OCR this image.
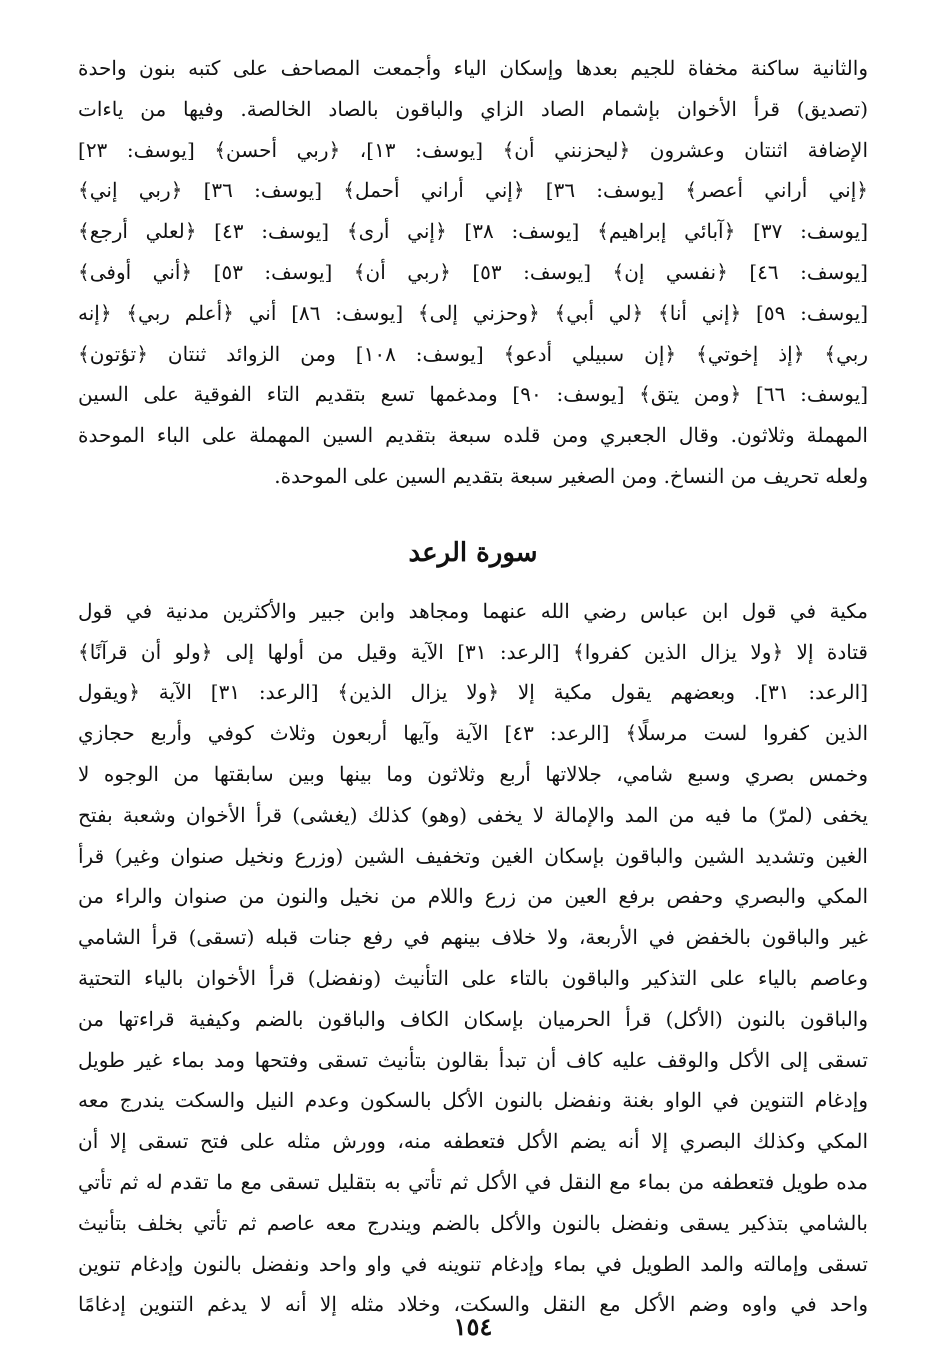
والثانية ساكنة مخفاة للجيم بعدها وإسكان الياء وأجمعت المصاحف على كتبه بنون واحدة
(تصديق) قرأ الأخوان بإشمام الصاد الزاي والباقون بالصاد الخالصة. وفيها من ياءات
الإضافة اثنتان وعشرون ﴿ليحزنني أن﴾ [يوسف: ١٣]، ﴿ربي أحسن﴾ [يوسف: ٢٣]
﴿إني أراني أعصر﴾ [يوسف: ٣٦] ﴿إني أراني أحمل﴾ [يوسف: ٣٦] ﴿ربي إني﴾
[يوسف: ٣٧] ﴿آبائي إبراهيم﴾ [يوسف: ٣٨] ﴿إني أرى﴾ [يوسف: ٤٣] ﴿لعلي أرجع﴾
[يوسف: ٤٦] ﴿نفسي إن﴾ [يوسف: ٥٣] ﴿ربي أن﴾ [يوسف: ٥٣] ﴿أني أوفى﴾
[يوسف: ٥٩] ﴿إني أنا﴾ ﴿لي أبي﴾ ﴿وحزني إلى﴾ [يوسف: ٨٦] أني ﴿أعلم ربي﴾ ﴿إنه
ربي﴾ ﴿إذ إخوتي﴾ ﴿إن سبيلي أدعو﴾ [يوسف: ١٠٨] ومن الزوائد ثنتان ﴿تؤتون﴾
[يوسف: ٦٦] ﴿ومن يتق﴾ [يوسف: ٩٠] ومدغمها تسع بتقديم التاء الفوقية على السين
المهملة وثلاثون. وقال الجعبري ومن قلده سبعة بتقديم السين المهملة على الباء الموحدة
ولعله تحريف من النساخ. ومن الصغير سبعة بتقديم السين على الموحدة.

سورة الرعد

مكية في قول ابن عباس رضي الله عنهما ومجاهد وابن جبير والأكثرين مدنية في قول
قتادة إلا ﴿ولا يزال الذين كفروا﴾ [الرعد: ٣١] الآية وقيل من أولها إلى ﴿ولو أن قرآنًا﴾
[الرعد: ٣١]. وبعضهم يقول مكية إلا ﴿ولا يزال الذين﴾ [الرعد: ٣١] الآية ﴿ويقول
الذين كفروا لست مرسلًا﴾ [الرعد: ٤٣] الآية وآيها أربعون وثلاث كوفي وأربع حجازي
وخمس بصري وسبع شامي، جلالاتها أربع وثلاثون وما بينها وبين سابقتها من الوجوه لا
يخفى (لمرّ) ما فيه من المد والإمالة لا يخفى (وهو) كذلك (يغشى) قرأ الأخوان وشعبة بفتح
الغين وتشديد الشين والباقون بإسكان الغين وتخفيف الشين (وزرع ونخيل صنوان وغير) قرأ
المكي والبصري وحفص برفع العين من زرع واللام من نخيل والنون من صنوان والراء من
غير والباقون بالخفض في الأربعة، ولا خلاف بينهم في رفع جنات قبله (تسقى) قرأ الشامي
وعاصم بالياء على التذكير والباقون بالتاء على التأنيث (ونفضل) قرأ الأخوان بالياء التحتية
والباقون بالنون (الأكل) قرأ الحرميان بإسكان الكاف والباقون بالضم وكيفية قراءتها من
تسقى إلى الأكل والوقف عليه كاف أن تبدأ بقالون بتأنيث تسقى وفتحها ومد بماء غير طويل
وإدغام التنوين في الواو بغنة ونفضل بالنون الأكل بالسكون وعدم النيل والسكت يندرج معه
المكي وكذلك البصري إلا أنه يضم الأكل فتعطفه منه، وورش مثله على فتح تسقى إلا أن
مده طويل فتعطفه من بماء مع النقل في الأكل ثم تأتي به بتقليل تسقى مع ما تقدم له ثم تأتي
بالشامي بتذكير يسقى ونفضل بالنون والأكل بالضم ويندرج معه عاصم ثم تأتي بخلف بتأنيث
تسقى وإمالته والمد الطويل في بماء وإدغام تنوينه في واو واحد ونفضل بالنون وإدغام تنوين
واحد في واوه وضم الأكل مع النقل والسكت، وخلاد مثله إلا أنه لا يدغم التنوين إدغامًا

١٥٤
